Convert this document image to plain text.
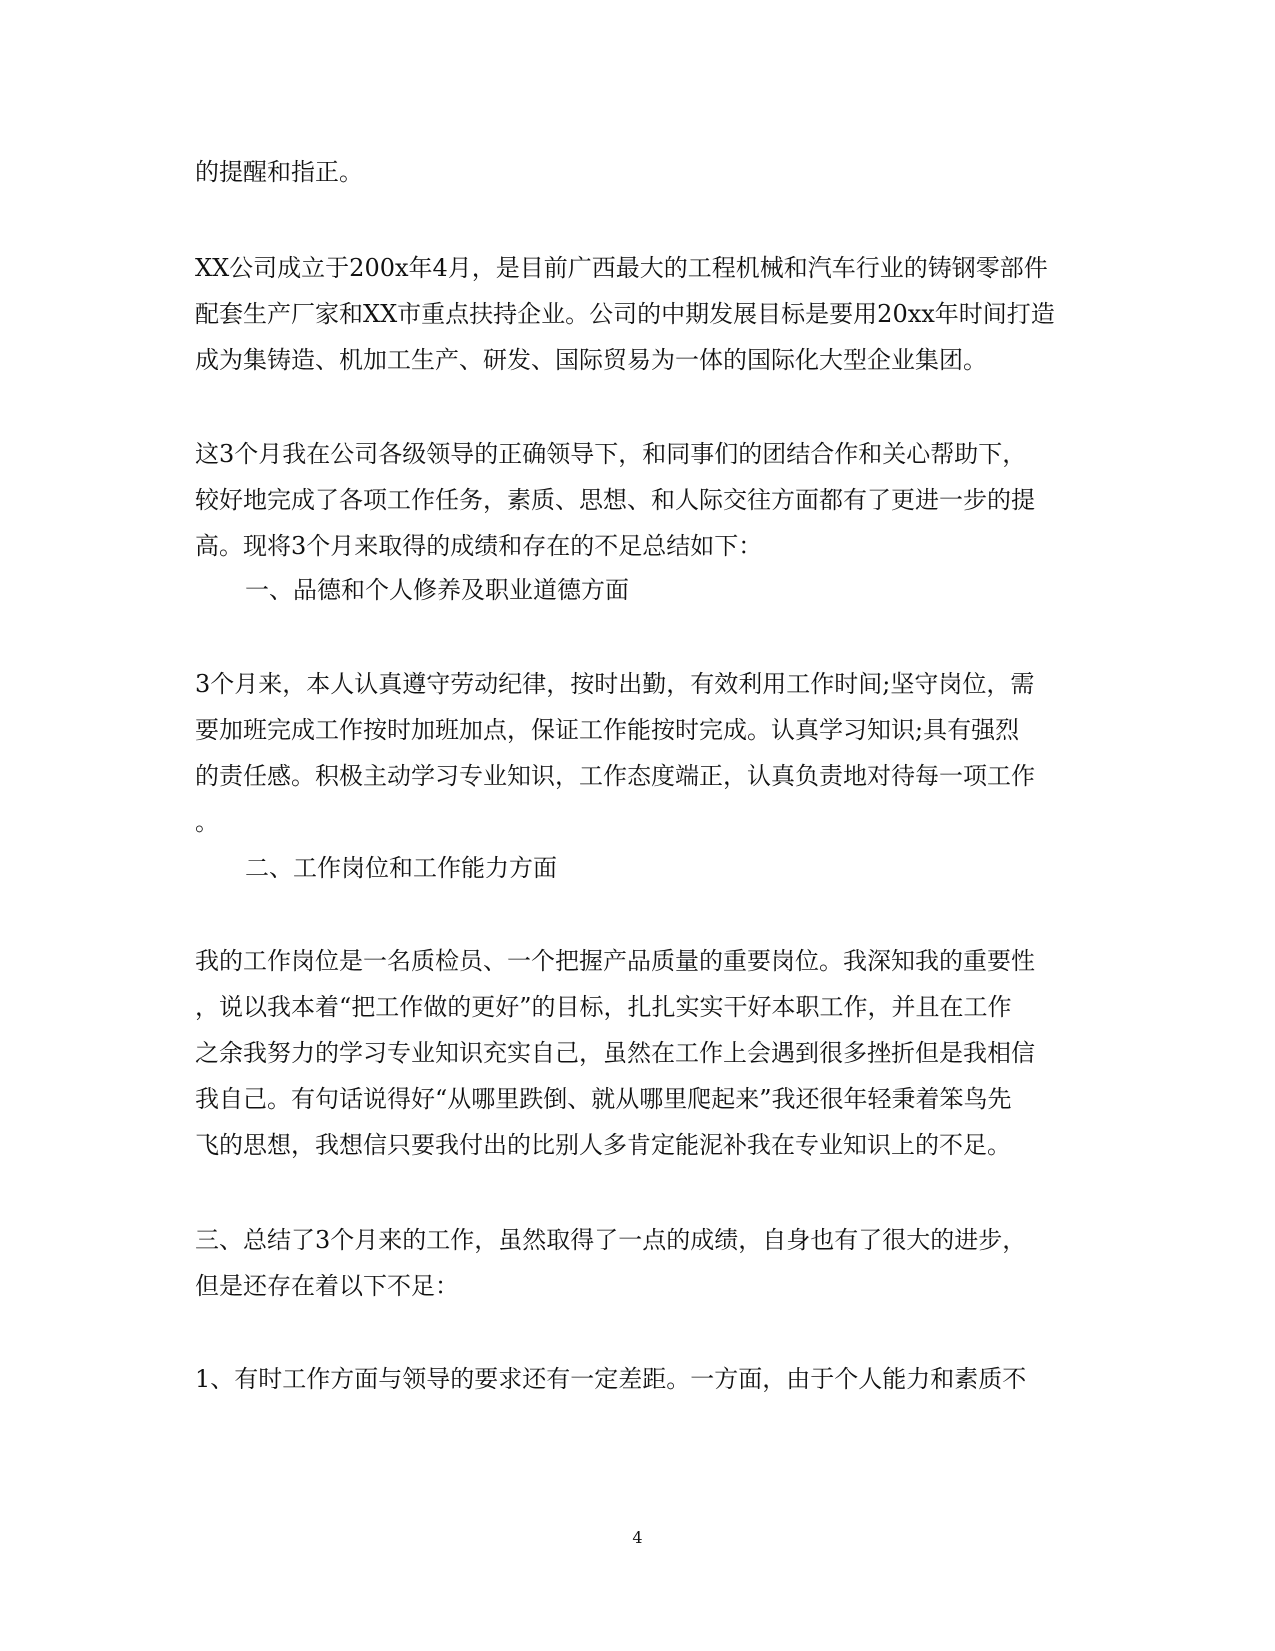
的提醒和指正。
XX公司成立于200x年4月，是目前广西最大的工程机械和汽车行业的铸钢零部件
配套生产厂家和XX市重点扶持企业。公司的中期发展目标是要用20xx年时间打造
成为集铸造、机加工生产、研发、国际贸易为一体的国际化大型企业集团。
这3个月我在公司各级领导的正确领导下，和同事们的团结合作和关心帮助下，
较好地完成了各项工作任务，素质、思想、和人际交往方面都有了更进一步的提
高。现将3个月来取得的成绩和存在的不足总结如下：
一、品德和个人修养及职业道德方面
3个月来，本人认真遵守劳动纪律，按时出勤，有效利用工作时间;坚守岗位，需
要加班完成工作按时加班加点，保证工作能按时完成。认真学习知识;具有强烈
的责任感。积极主动学习专业知识，工作态度端正，认真负责地对待每一项工作
。
二、工作岗位和工作能力方面
我的工作岗位是一名质检员、一个把握产品质量的重要岗位。我深知我的重要性
，说以我本着“把工作做的更好”的目标，扎扎实实干好本职工作，并且在工作
之余我努力的学习专业知识充实自己，虽然在工作上会遇到很多挫折但是我相信
我自己。有句话说得好“从哪里跌倒、就从哪里爬起来”我还很年轻秉着笨鸟先
飞的思想，我想信只要我付出的比别人多肯定能泥补我在专业知识上的不足。
三、总结了3个月来的工作，虽然取得了一点的成绩，自身也有了很大的进步，
但是还存在着以下不足：
1、有时工作方面与领导的要求还有一定差距。一方面，由于个人能力和素质不
4
